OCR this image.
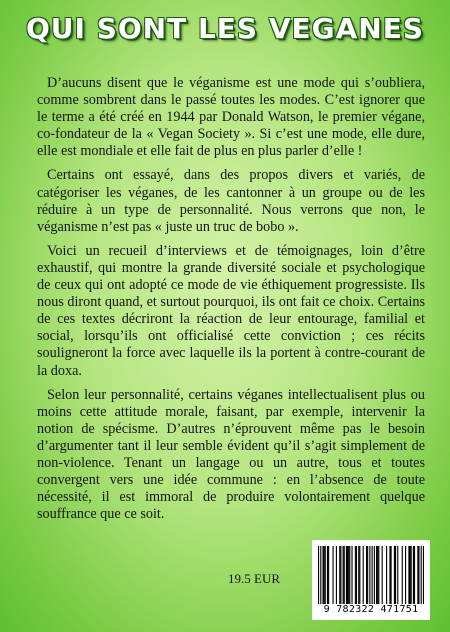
QUI SONT LES VEGANES

D’aucuns disent que le véganisme est une mode qui s’oubliera, comme sombrent dans le passé toutes les modes. C’est ignorer que le terme a été créé en 1944 par Donald Watson, le premier végane, co-fondateur de la « Vegan Society ». Si c’est une mode, elle dure, elle est mondiale et elle fait de plus en plus parler d’elle !

Certains ont essayé, dans des propos divers et variés, de catégoriser les véganes, de les cantonner à un groupe ou de les réduire à un type de personnalité. Nous verrons que non, le véganisme n’est pas « juste un truc de bobo ».

Voici un recueil d’interviews et de témoignages, loin d’être exhaustif, qui montre la grande diversité sociale et psychologique de ceux qui ont adopté ce mode de vie éthiquement progressiste. Ils nous diront quand, et surtout pourquoi, ils ont fait ce choix. Certains de ces textes décriront la réaction de leur entourage, familial et social, lorsqu’ils ont officialisé cette conviction ; ces récits souligneront la force avec laquelle ils la portent à contre-courant de la doxa.

Selon leur personnalité, certains véganes intellectualisent plus ou moins cette attitude morale, faisant, par exemple, intervenir la notion de spécisme. D’autres n’éprouvent même pas le besoin d’argumenter tant il leur semble évident qu’il s’agit simplement de non-violence. Tenant un langage ou un autre, tous et toutes convergent vers une idée commune : en l’absence de toute nécessité, il est immoral de produire volontairement quelque souffrance que ce soit.

19.5 EUR
9 782322 471751
